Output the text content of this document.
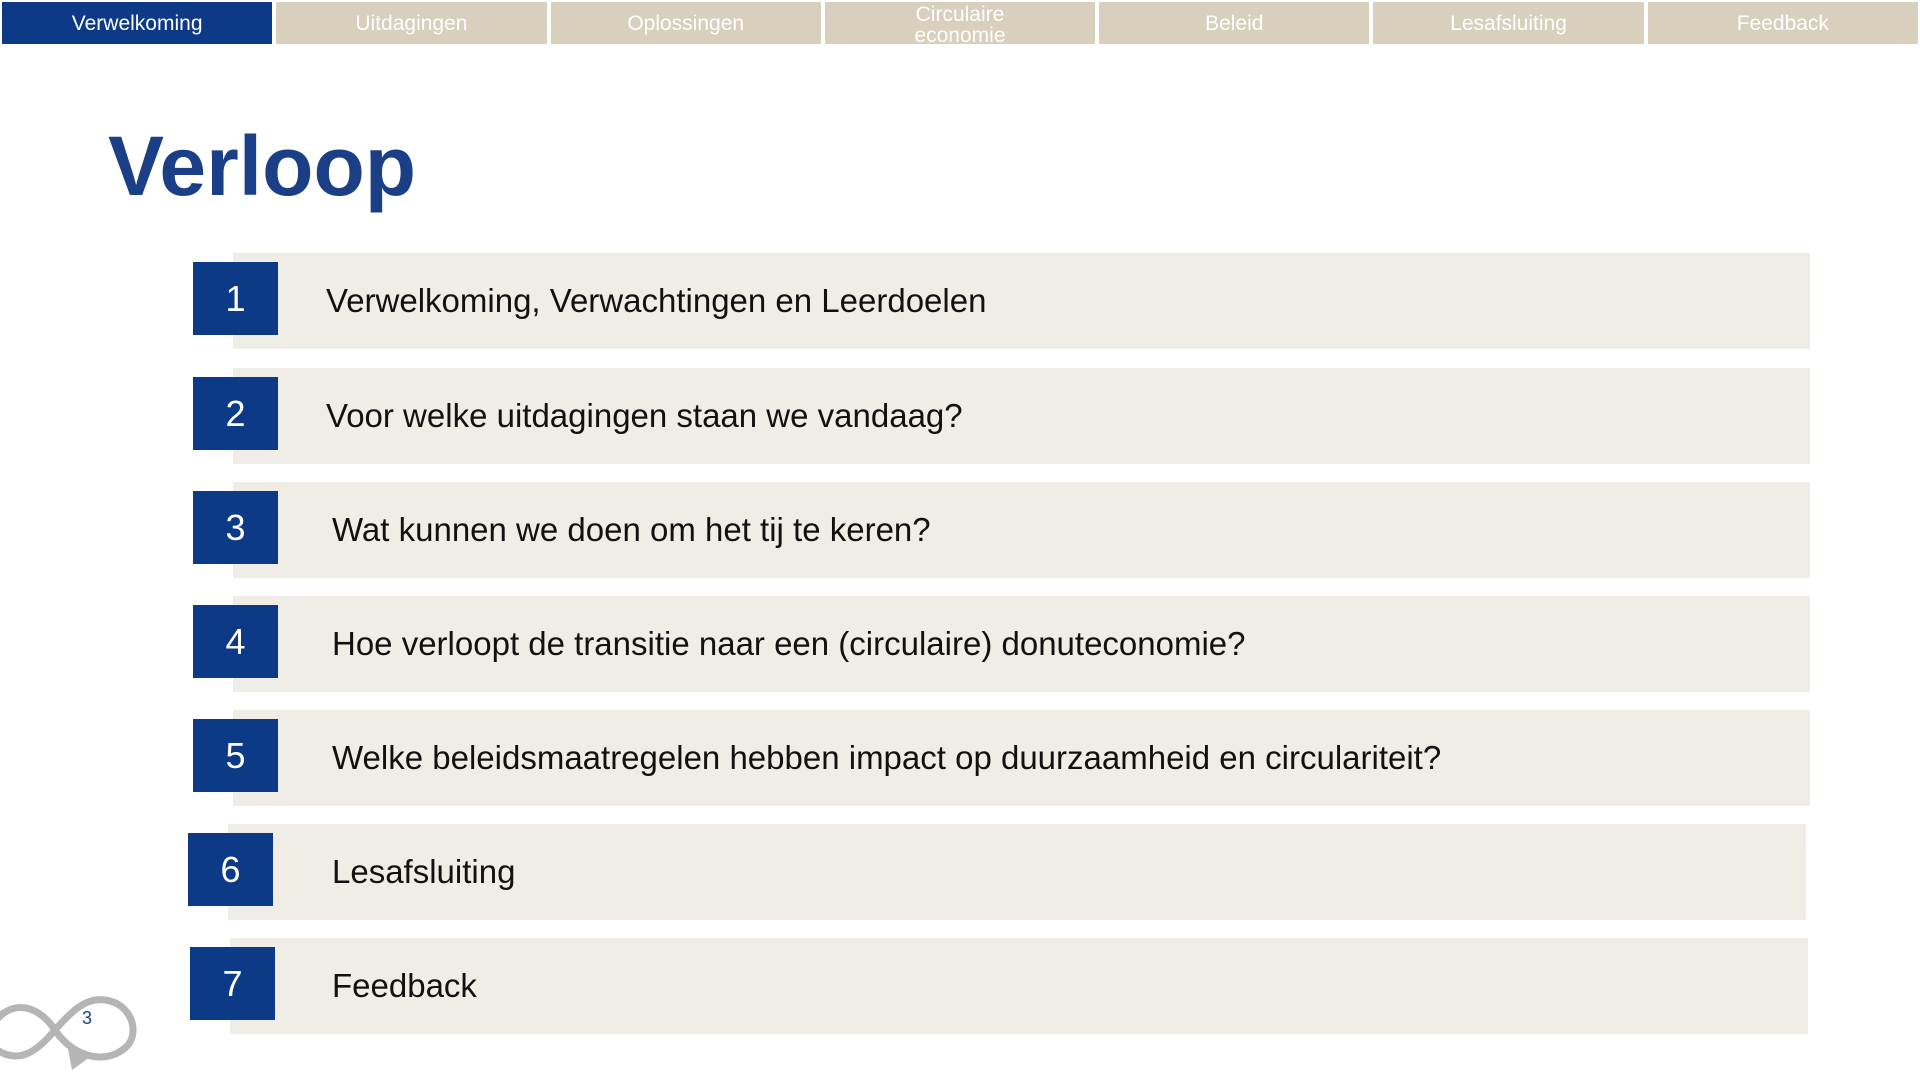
Verwelkoming	Uitdagingen	Oplossingen	Circulaire economie
Beleid	Lesafsluiting	Feedback
Verloop
1	Verwelkoming, Verwachtingen en Leerdoelen
2	Voor welke uitdagingen staan we vandaag?
3	Wat kunnen we doen om het tij te keren?
4	Hoe verloopt de transitie naar een (circulaire) donuteconomie?
5	Welke beleidsmaatregelen hebben impact op duurzaamheid en circulariteit?
6	Lesafsluiting
7	Feedback
3
